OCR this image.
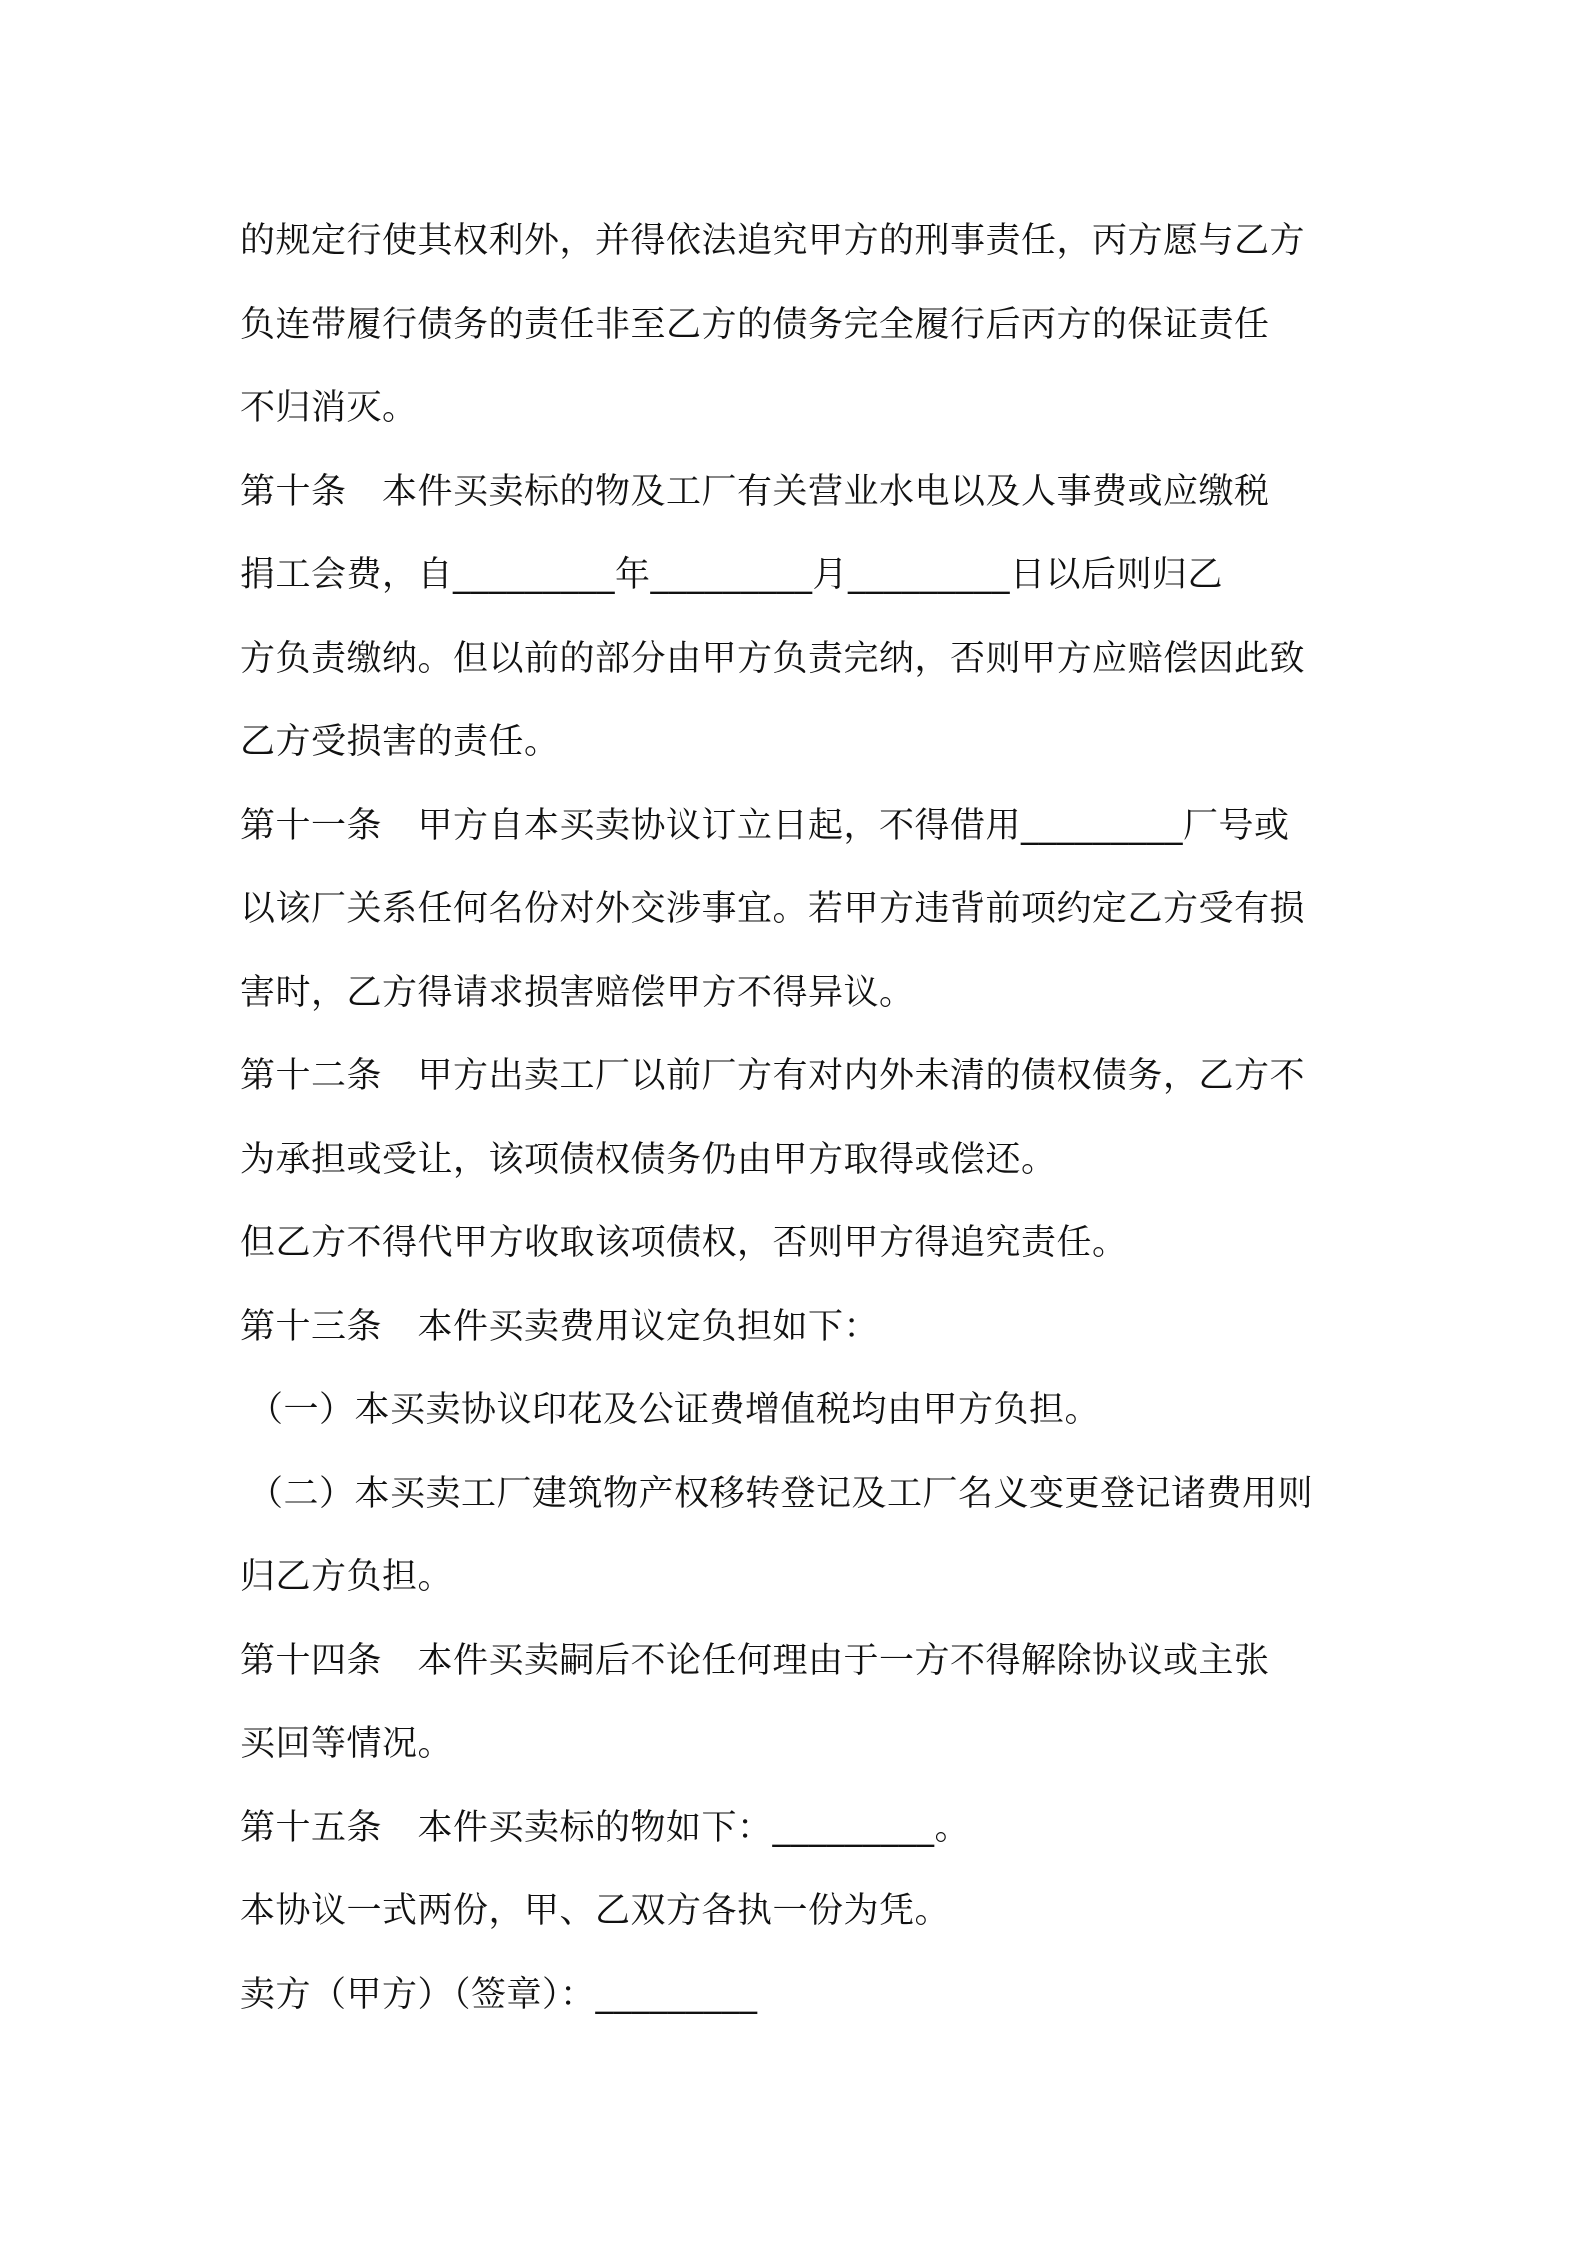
的规定行使其权利外，并得依法追究甲方的刑事责任，丙方愿与乙方
负连带履行债务的责任非至乙方的债务完全履行后丙方的保证责任
不归消灭。
第十条　本件买卖标的物及工厂有关营业水电以及人事费或应缴税
捐工会费，自_________年_________月_________日以后则归乙
方负责缴纳。但以前的部分由甲方负责完纳，否则甲方应赔偿因此致
乙方受损害的责任。
第十一条　甲方自本买卖协议订立日起，不得借用_________厂号或
以该厂关系任何名份对外交涉事宜。若甲方违背前项约定乙方受有损
害时，乙方得请求损害赔偿甲方不得异议。
第十二条　甲方出卖工厂以前厂方有对内外未清的债权债务，乙方不
为承担或受让，该项债权债务仍由甲方取得或偿还。
但乙方不得代甲方收取该项债权，否则甲方得追究责任。
第十三条　本件买卖费用议定负担如下：
（一）本买卖协议印花及公证费增值税均由甲方负担。
（二）本买卖工厂建筑物产权移转登记及工厂名义变更登记诸费用则
归乙方负担。
第十四条　本件买卖嗣后不论任何理由于一方不得解除协议或主张
买回等情况。
第十五条　本件买卖标的物如下：_________。
本协议一式两份，甲、乙双方各执一份为凭。
卖方（甲方）（签章）：_________
